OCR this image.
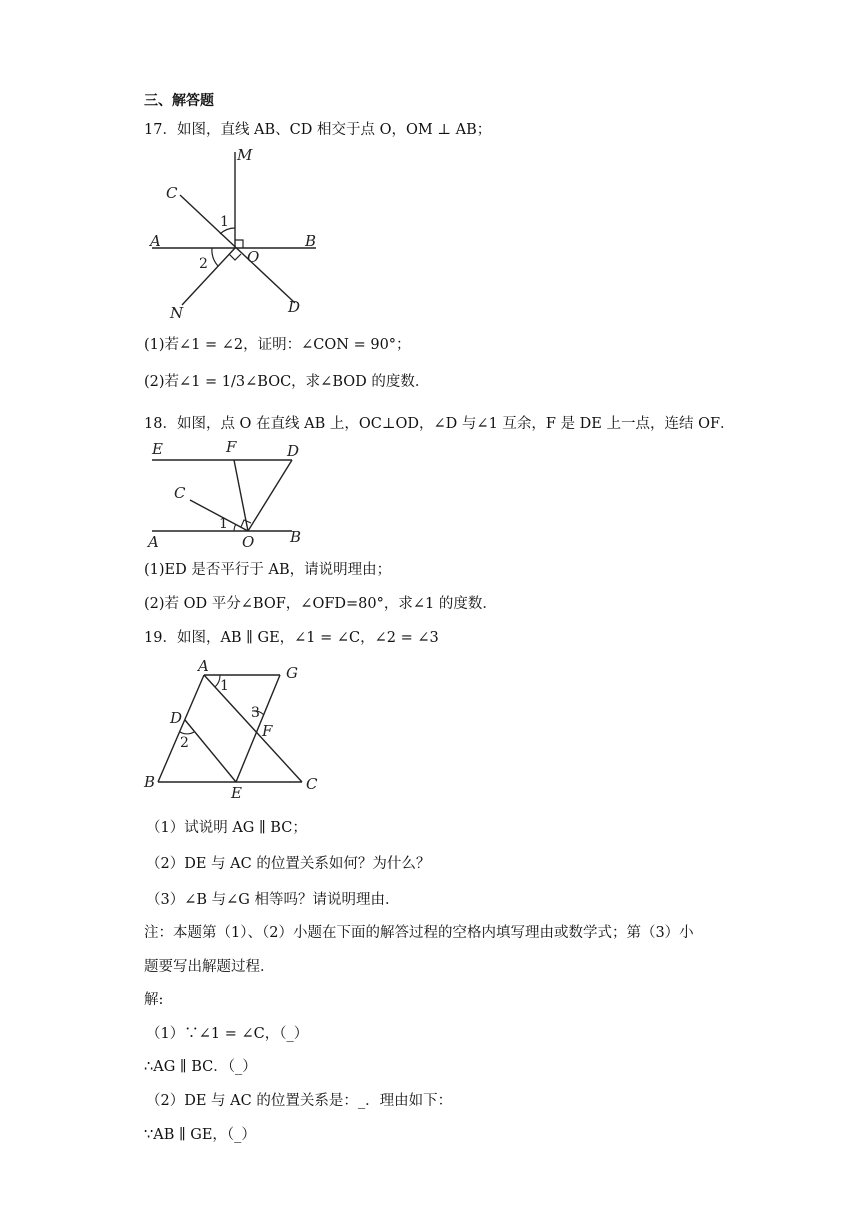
三、解答题
17．如图，直线 AB、CD 相交于点 O，OM ⊥ AB；
M
C
1
A
O
B
2
N	D
(1)若∠1 = ∠2，证明：∠CON = 90°；
(2)若∠1 = 1/3∠BOC，求∠BOD 的度数．
18．如图，点 O 在直线 AB 上，OC⊥OD，∠D 与∠1 互余，F 是 DE 上一点，连结 OF．
E	F	D
C
1
A	O B
(1)ED 是否平行于 AB，请说明理由；
(2)若 OD 平分∠BOF，∠OFD=80°，求∠1 的度数．
19．如图，AB ∥ GE，∠1 = ∠C，∠2 = ∠3
A	G
1
D	3
F
2
B
E	C
（1）试说明 AG ∥ BC；
（2）DE 与 AC 的位置关系如何？为什么？
（3）∠B 与∠G 相等吗？请说明理由．
注：本题第（1）、（2）小题在下面的解答过程的空格内填写理由或数学式；第（3）小
题要写出解题过程．
解:
（1）∵∠1 = ∠C，（_）
∴AG ∥ BC．（_）
（2）DE 与 AC 的位置关系是：_．理由如下：
∵AB ∥ GE，（_）
